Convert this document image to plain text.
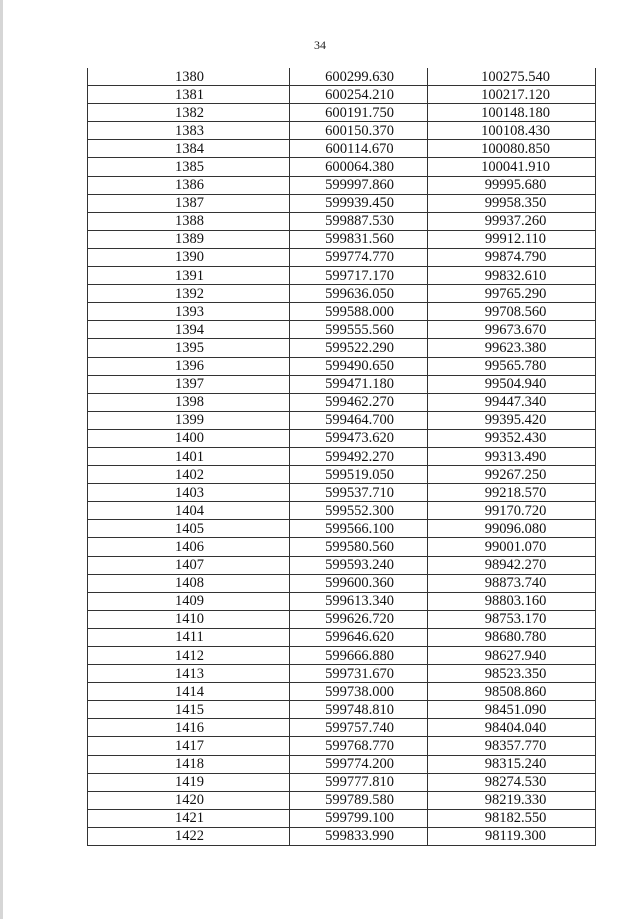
34
1380	600299.630	100275.540
1381	600254.210	100217.120
1382	600191.750	100148.180
1383	600150.370	100108.430
1384	600114.670	100080.850
1385	600064.380	100041.910
1386	599997.860	99995.680
1387	599939.450	99958.350
1388	599887.530	99937.260
1389	599831.560	99912.110
1390	599774.770	99874.790
1391	599717.170	99832.610
1392	599636.050	99765.290
1393	599588.000	99708.560
1394	599555.560	99673.670
1395	599522.290	99623.380
1396	599490.650	99565.780
1397	599471.180	99504.940
1398	599462.270	99447.340
1399	599464.700	99395.420
1400	599473.620	99352.430
1401	599492.270	99313.490
1402	599519.050	99267.250
1403	599537.710	99218.570
1404	599552.300	99170.720
1405	599566.100	99096.080
1406	599580.560	99001.070
1407	599593.240	98942.270
1408	599600.360	98873.740
1409	599613.340	98803.160
1410	599626.720	98753.170
1411	599646.620	98680.780
1412	599666.880	98627.940
1413	599731.670	98523.350
1414	599738.000	98508.860
1415	599748.810	98451.090
1416	599757.740	98404.040
1417	599768.770	98357.770
1418	599774.200	98315.240
1419	599777.810	98274.530
1420	599789.580	98219.330
1421	599799.100	98182.550
1422	599833.990	98119.300
